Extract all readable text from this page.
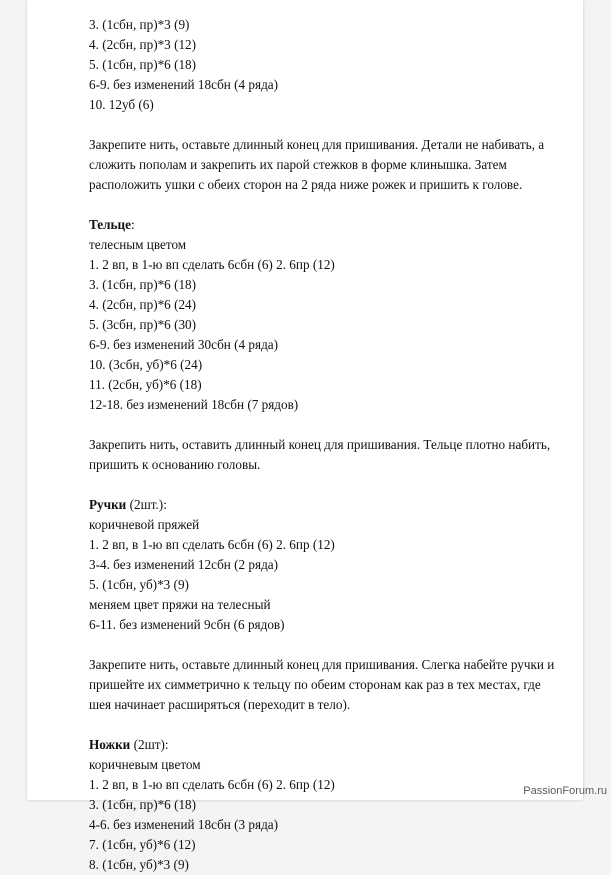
3. (1сбн, пр)*3 (9)
4. (2сбн, пр)*3 (12)
5. (1сбн, пр)*6 (18)
6-9. без изменений 18сбн (4 ряда)
10. 12уб (6)

Закрепите нить, оставьте длинный конец для пришивания. Детали не набивать, а сложить пополам и закрепить их парой стежков в форме клинышка. Затем расположить ушки с обеих сторон на 2 ряда ниже рожек и пришить к голове.

Тельце:
телесным цветом
1. 2 вп, в 1-ю вп сделать 6сбн (6) 2. 6пр (12)
3. (1сбн, пр)*6 (18)
4. (2сбн, пр)*6 (24)
5. (3сбн, пр)*6 (30)
6-9. без изменений 30сбн (4 ряда)
10. (3сбн, уб)*6 (24)
11. (2сбн, уб)*6 (18)
12-18. без изменений 18сбн (7 рядов)

Закрепить нить, оставить длинный конец для пришивания. Тельце плотно набить, пришить к основанию головы.

Ручки (2шт.):
коричневой пряжей
1. 2 вп, в 1-ю вп сделать 6сбн (6) 2. 6пр (12)
3-4. без изменений 12сбн (2 ряда)
5. (1сбн, уб)*3 (9)
меняем цвет пряжи на телесный
6-11. без изменений 9сбн (6 рядов)

Закрепите нить, оставьте длинный конец для пришивания. Слегка набейте ручки и пришейте их симметрично к тельцу по обеим сторонам как раз в тех местах, где шея начинает расширяться (переходит в тело).

Ножки (2шт):
коричневым цветом
1. 2 вп, в 1-ю вп сделать 6сбн (6) 2. 6пр (12)
3. (1сбн, пр)*6 (18)
4-6. без изменений 18сбн (3 ряда)
7. (1сбн, уб)*6 (12)
8. (1сбн, уб)*3 (9)
PassionForum.ru
